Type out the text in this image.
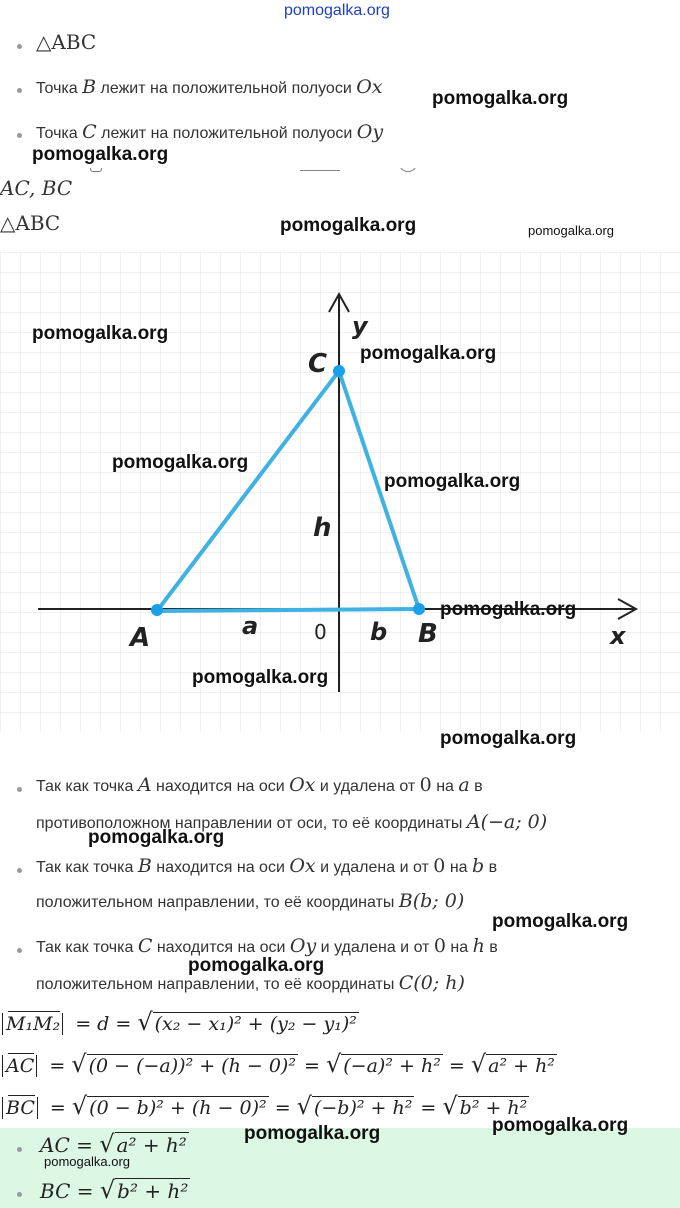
pomogalka.org
△ABC
Точка B лежит на положительной полуоси Ox
Точка C лежит на положительной полуоси Oy
AC, BC
△ABC
A	B
C
x
y
a	b
h
0
Так как точка A находится на оси Ox и удалена от 0 на a в
противоположном направлении от оси, то её координаты A(−a; 0)
Так как точка B находится на оси Ox и удалена и от 0 на b в
положительном направлении, то её координаты B(b; 0)
Так как точка C находится на оси Oy и удалена и от 0 на h в
положительном направлении, то её координаты C(0; h)
M₁M₂ = d = √ (x₂ − x₁)² + (y₂ − y₁)²
AC = √ (0 − (−a))² + (h − 0)² = √ (−a)² + h² = √ a² + h²
BC = √ (0 − b)² + (h − 0)² = √ (−b)² + h² = √ b² + h²
AC = √ a² + h²
BC = √ b² + h²
pomogalka.org
pomogalka.org
pomogalka.org	pomogalka.org
pomogalka.org
pomogalka.org
pomogalka.org
pomogalka.org
pomogalka.org
pomogalka.org
pomogalka.org
pomogalka.org
pomogalka.org
pomogalka.org
pomogalka.org	pomogalka.org
pomogalka.org
